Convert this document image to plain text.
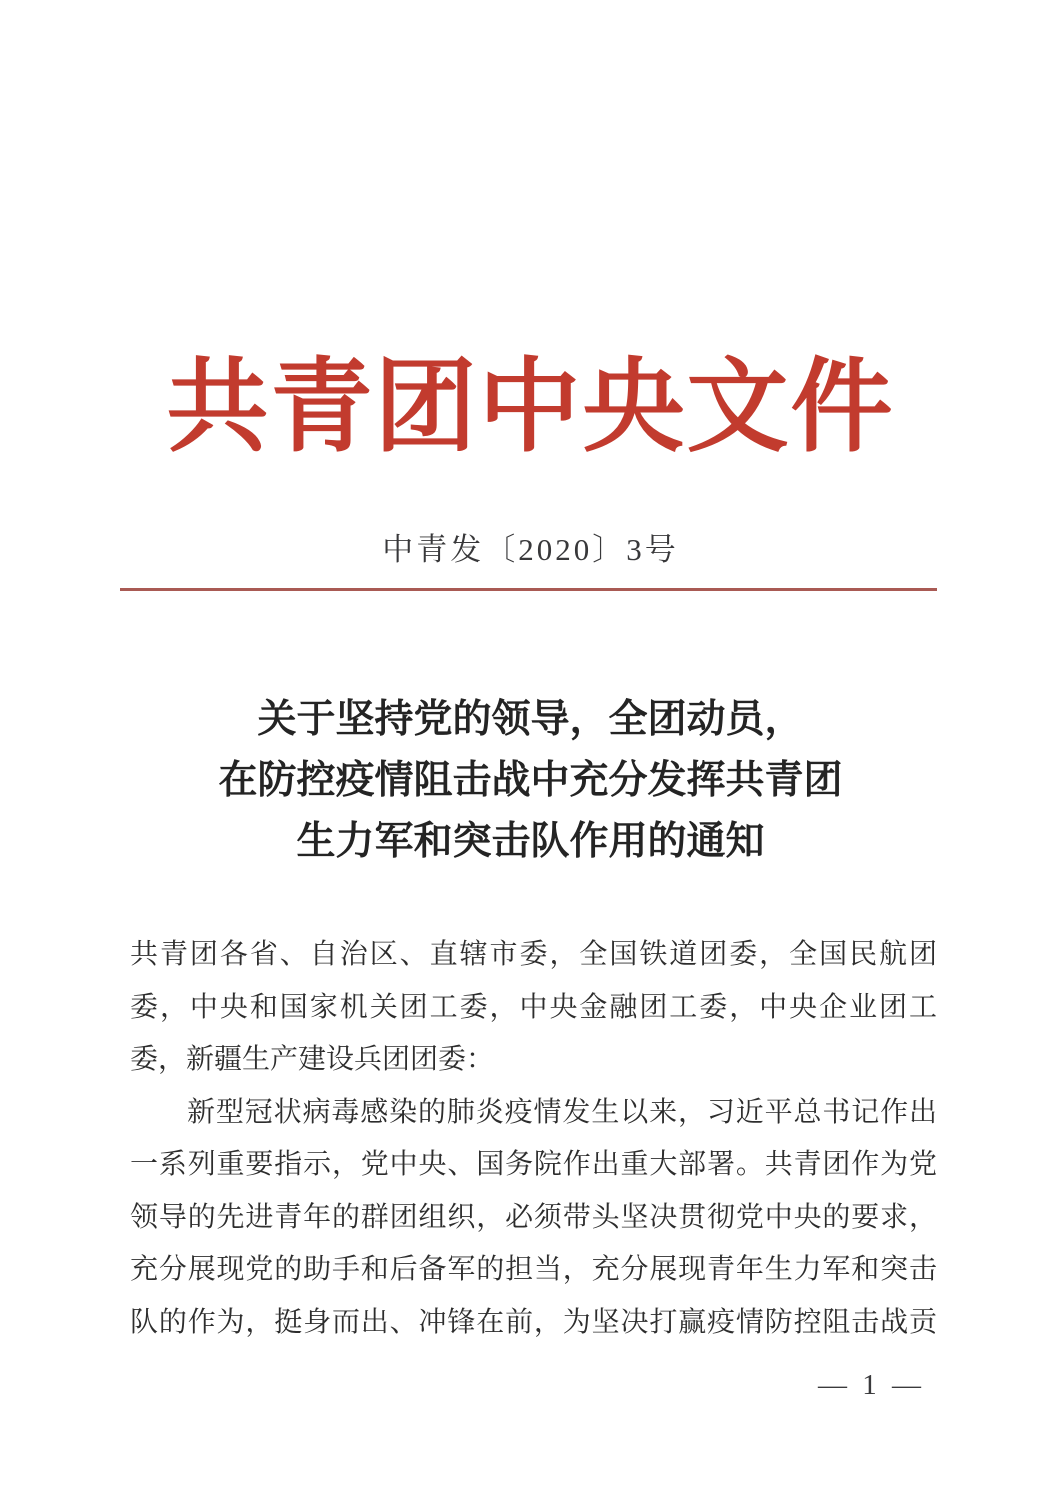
共青团中央文件
中青发〔2020〕3号
关于坚持党的领导，全团动员，
在防控疫情阻击战中充分发挥共青团
生力军和突击队作用的通知
共青团各省、自治区、直辖市委，全国铁道团委，全国民航团
委，中央和国家机关团工委，中央金融团工委，中央企业团工
委，新疆生产建设兵团团委：
新型冠状病毒感染的肺炎疫情发生以来，习近平总书记作出
一系列重要指示，党中央、国务院作出重大部署。共青团作为党
领导的先进青年的群团组织，必须带头坚决贯彻党中央的要求，
充分展现党的助手和后备军的担当，充分展现青年生力军和突击
队的作为，挺身而出、冲锋在前，为坚决打赢疫情防控阻击战贡
— 1 —
